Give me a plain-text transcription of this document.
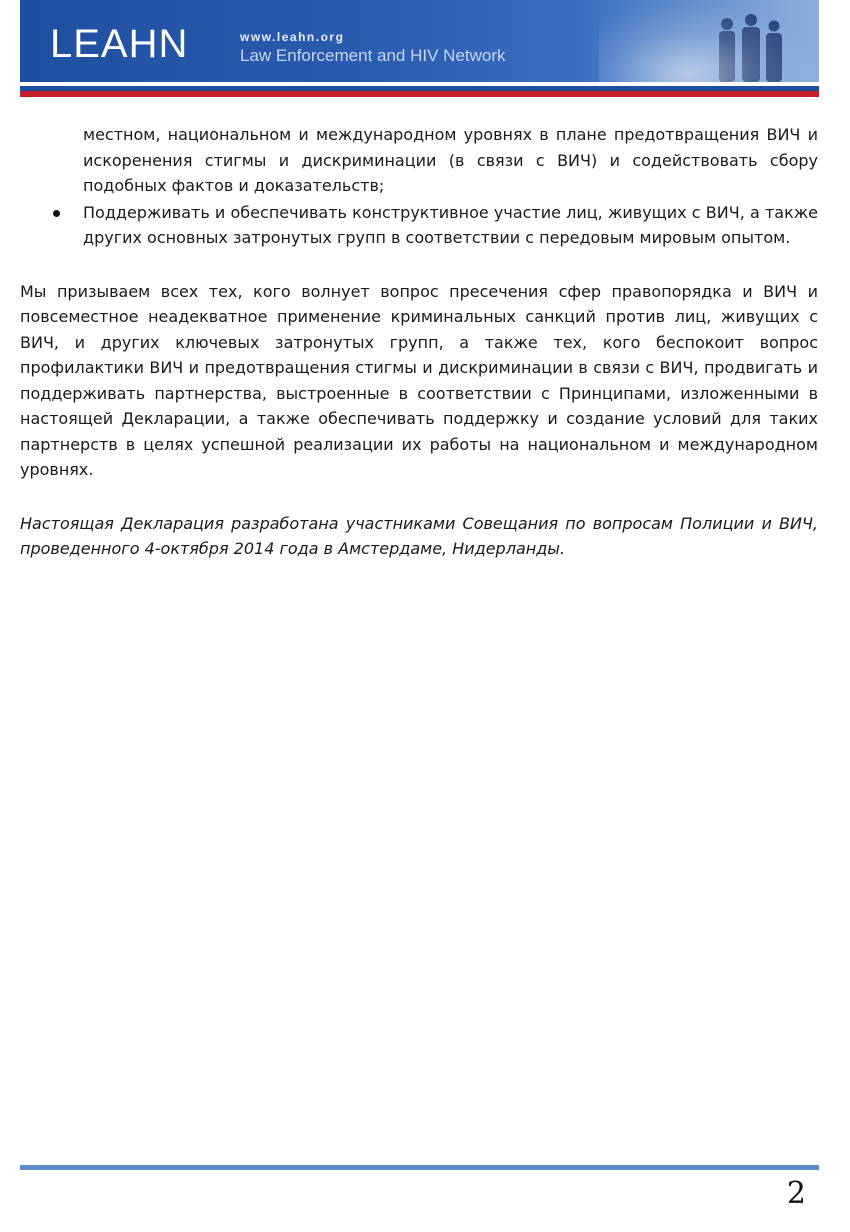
LEAHN	www.leahn.org
Law Enforcement and HIV Network

местном, национальном и международном уровнях в плане предотвращения ВИЧ и искоренения стигмы и дискриминации (в связи с ВИЧ) и содействовать сбору подобных фактов и доказательств;

Поддерживать и обеспечивать конструктивное участие лиц, живущих с ВИЧ, а также других основных затронутых групп в соответствии с передовым мировым опытом.

Мы призываем всех тех, кого волнует вопрос пресечения сфер правопорядка и ВИЧ и повсеместное неадекватное применение криминальных санкций против лиц, живущих с ВИЧ, и других ключевых затронутых групп, а также тех, кого беспокоит вопрос профилактики ВИЧ и предотвращения стигмы и дискриминации в связи с ВИЧ, продвигать и поддерживать партнерства, выстроенные в соответствии с Принципами, изложенными в настоящей Декларации, а также обеспечивать поддержку и создание условий для таких партнерств в целях успешной реализации их работы на национальном и международном уровнях.

Настоящая Декларация разработана участниками Совещания по вопросам Полиции и ВИЧ, проведенного 4-октября 2014 года в Амстердаме, Нидерланды.

2
